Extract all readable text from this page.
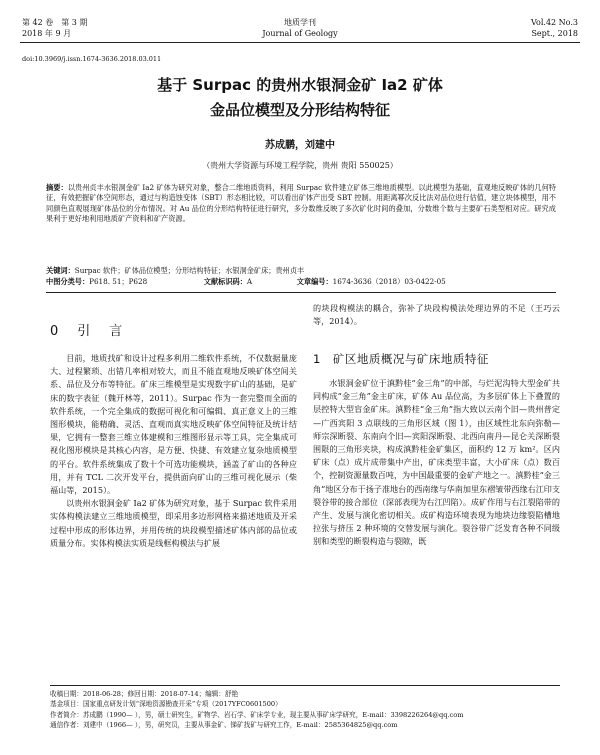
第 42 卷　第 3 期
2018 年 9 月
地质学刊
Journal of Geology
Vol.42 No.3
Sept., 2018
doi:10.3969/j.issn.1674-3636.2018.03.011
基于 Surpac 的贵州水银洞金矿 Ia2 矿体
金品位模型及分形结构特征
苏成鹏，刘建中
（贵州大学资源与环境工程学院，贵州 贵阳 550025）
摘要：以贵州贞丰水银洞金矿 Ia2 矿体为研究对象，整合二维地质资料，利用 Surpac 软件建立矿体三维地质模型。以此模型为基础，直观地反映矿体的几何特征，有效把握矿体空间形态，通过与构造蚀变体（SBT）形态相比较，可以看出矿体产出受 SBT 控制。用距离幂次反比法对品位进行估值，建立块体模型，用不同颜色直观展现矿体品位的分布情况。对 Au 品位的分形结构特征进行研究，多分数维反映了多次矿化时间的叠加，分数维个数与主要矿石类型相对应。研究成果利于更好地利用地质矿产资料和矿产资源。
关键词：Surpac 软件；矿体品位模型；分形结构特征；水银洞金矿床；贵州贞丰
中图分类号：P618. 51；P628	文献标识码：A	文章编号：1674-3636（2018）03-0422-05
0　引　言

目前，地质找矿和设计过程多利用二维软件系统，不仅数据量庞大、过程繁琐、出错几率相对较大，而且不能直观地反映矿体空间关系、品位及分布等特征。矿床三维模型是实现数字矿山的基础，是矿床的数字表征（魏开林等，2011）。Surpac 作为一套完整而全面的软件系统，一个完全集成的数据可视化和可编辑、真正意义上的三维图形模块，能精确、灵活、直观而真实地反映矿体空间特征及统计结果，它拥有一整套三维立体建模和三维图形显示等工具，完全集成可视化图形模块是其核心内容，是方便、快捷、有效建立复杂地质模型的平台。软件系统集成了数十个可选功能模块，涵盖了矿山的各种应用，并有 TCL 二次开发平台，提供面向矿山的三维可视化展示（柴福山等，2015）。

以贵州水银洞金矿 Ia2 矿体为研究对象，基于 Surpac 软件采用实体构模法建立三维地质模型，即采用多边形网格来描述地质及开采过程中形成的形体边界，并用传统的块段模型描述矿体内部的品位或质量分布。实体构模法实质是线框构模法与扩展

的块段构模法的耦合，弥补了块段构模法处理边界的不足（王巧云等，2014）。

1　矿区地质概况与矿床地质特征

水银洞金矿位于滇黔桂“金三角”的中部，与烂泥沟特大型金矿共同构成“金三角”金主矿床，矿体 Au 品位高，为多层矿体上下叠置的层控特大型盲金矿床。滇黔桂“金三角”指大致以云南个旧—贵州普定—广西宾阳 3 点联线的三角形区域（图 1），由区域性北东向弥勒—师宗深断裂、东南向个旧—宾阳深断裂、北西向南丹—昆仑关深断裂围限的三角形夹块，构成滇黔桂金矿集区，面积约 12 万 km²。区内矿床（点）成片成带集中产出，矿床类型丰富，大小矿床（点）数百个，控制资源量数百吨，为中国最重要的金矿产地之一。滇黔桂“金三角”地区分布于扬子准地台的西南缘与华南加里东褶皱带西缘右江印支裂谷带的接合部位（深部表现为右江凹陷）。成矿作用与右江裂陷带的产生、发展与演化密切相关。成矿构造环境表现为地块边缘裂陷槽地拉张与挤压 2 种环境的交替发展与演化。裂谷带广泛发育各种不同级别和类型的断裂构造与裂隙，既

收稿日期：2018-06-28；修回日期：2018-07-14；编辑：舒艳
基金项目：国家重点研发计划“深地资源勘查开采”专项（2017YFC0601500）
作者简介：苏成鹏（1990— ），男，硕士研究生，矿物学、岩石学、矿床学专业，现主要从事矿床学研究，E-mail：3398226264@qq.com
通信作者：刘建中（1966— ），男，研究员，主要从事金矿、锑矿找矿与研究工作，E-mail：2585364825@qq.com
